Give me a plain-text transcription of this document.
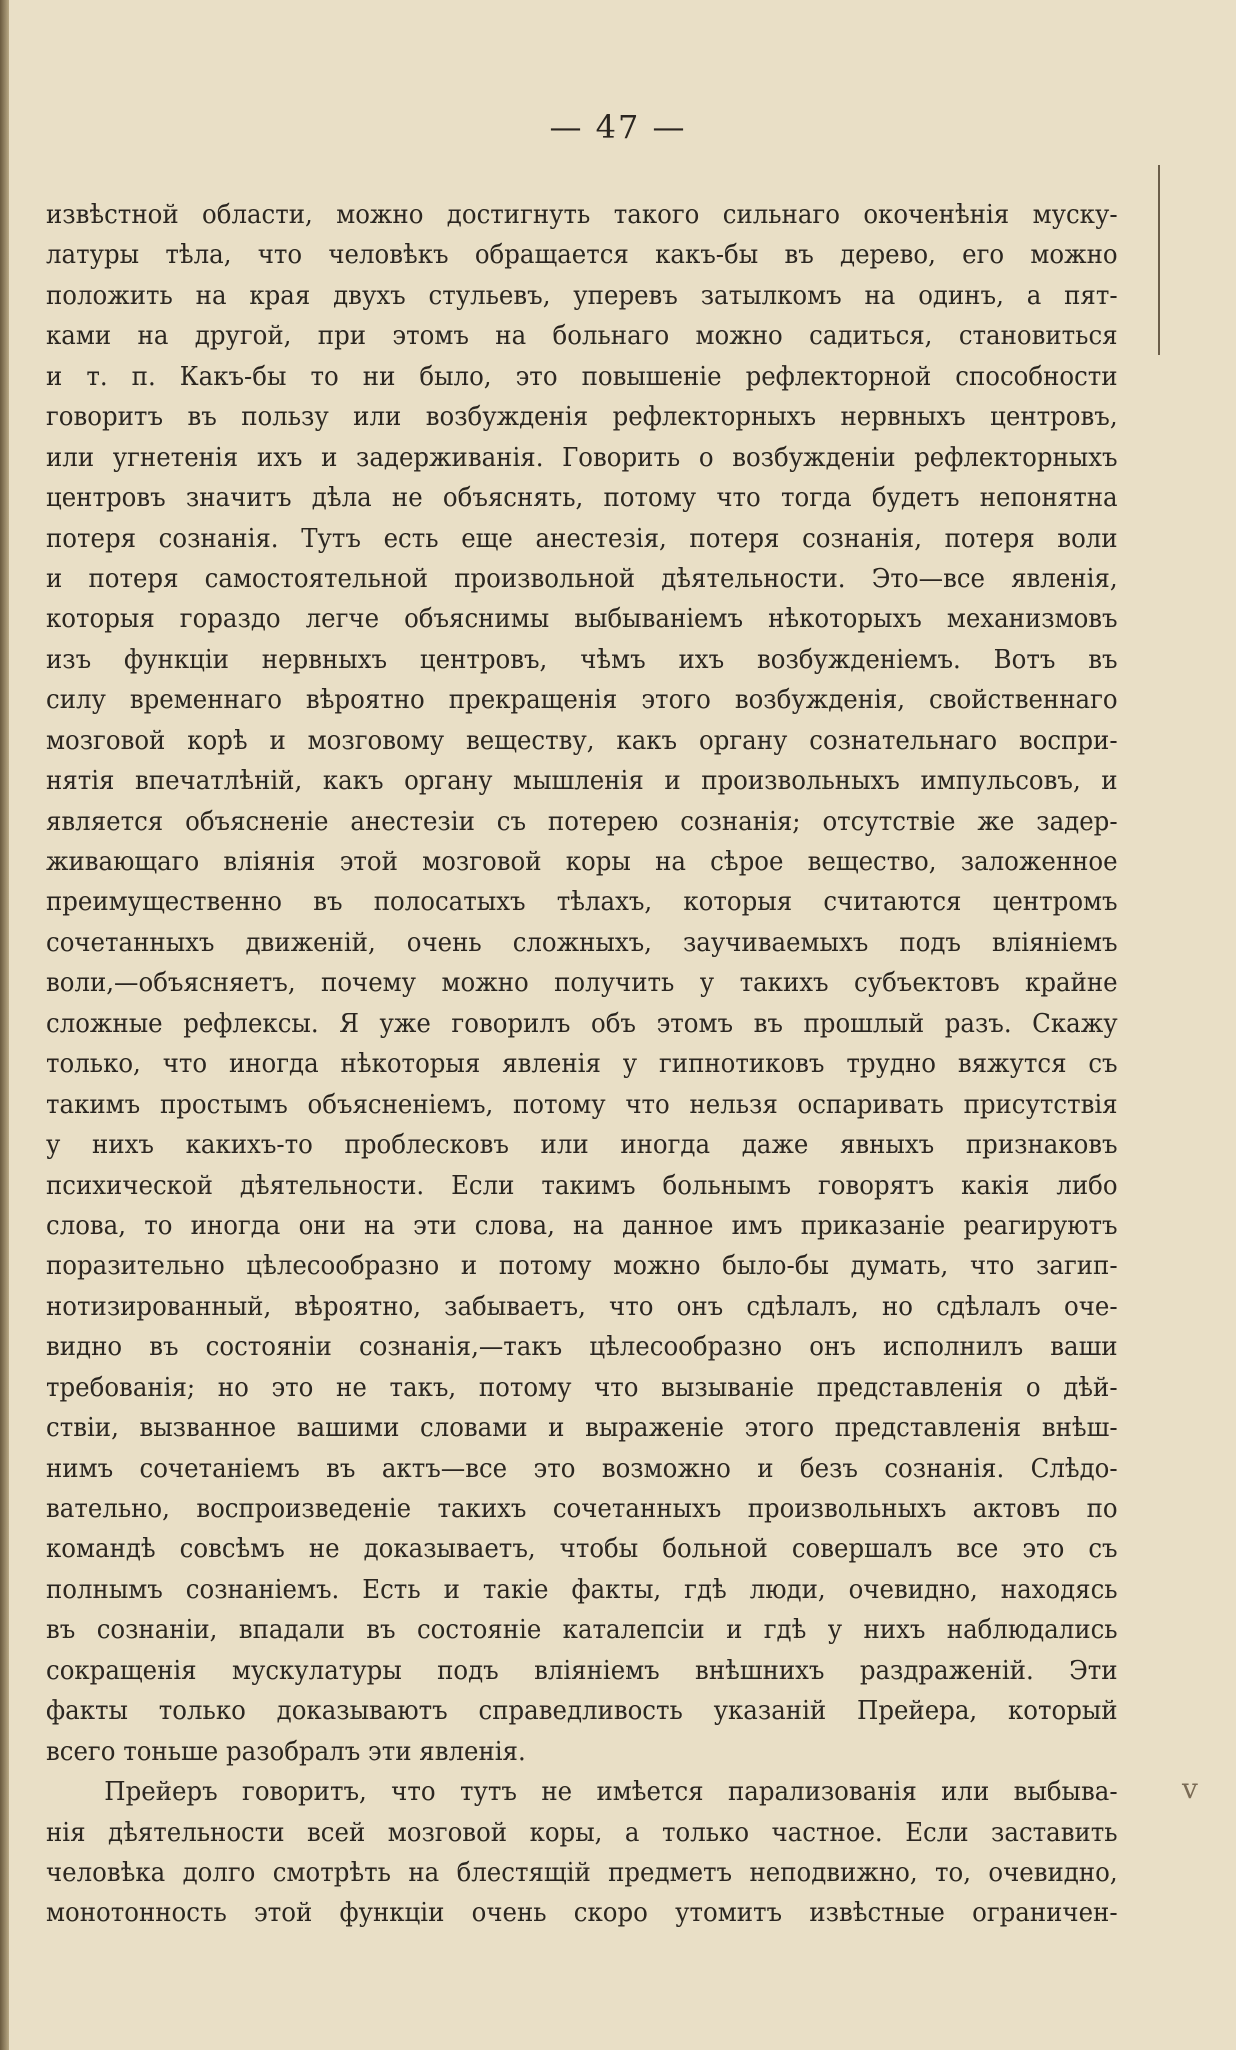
v
— 47 —
извѣстной области, можно достигнуть такого сильнаго окоченѣнія муску-
латуры тѣла, что человѣкъ обращается какъ-бы въ дерево, его можно
положить на края двухъ стульевъ, уперевъ затылкомъ на одинъ, а пят-
ками на другой, при этомъ на больнаго можно садиться, становиться
и т. п. Какъ-бы то ни было, это повышеніе рефлекторной способности
говоритъ въ пользу или возбужденія рефлекторныхъ нервныхъ центровъ,
или угнетенія ихъ и задерживанія. Говорить о возбужденіи рефлекторныхъ
центровъ значитъ дѣла не объяснять, потому что тогда будетъ непонятна
потеря сознанія. Тутъ есть еще анестезія, потеря сознанія, потеря воли
и потеря самостоятельной произвольной дѣятельности. Это—все явленія,
которыя гораздо легче объяснимы выбываніемъ нѣкоторыхъ механизмовъ
изъ функціи нервныхъ центровъ, чѣмъ ихъ возбужденіемъ. Вотъ въ
силу временнаго вѣроятно прекращенія этого возбужденія, свойственнаго
мозговой корѣ и мозговому веществу, какъ органу сознательнаго воспри-
нятія впечатлѣній, какъ органу мышленія и произвольныхъ импульсовъ, и
является объясненіе анестезіи съ потерею сознанія; отсутствіе же задер-
живающаго вліянія этой мозговой коры на сѣрое вещество, заложенное
преимущественно въ полосатыхъ тѣлахъ, которыя считаются центромъ
сочетанныхъ движеній, очень сложныхъ, заучиваемыхъ подъ вліяніемъ
воли,—объясняетъ, почему можно получить у такихъ субъектовъ крайне
сложные рефлексы. Я уже говорилъ объ этомъ въ прошлый разъ. Скажу
только, что иногда нѣкоторыя явленія у гипнотиковъ трудно вяжутся съ
такимъ простымъ объясненіемъ, потому что нельзя оспаривать присутствія
у нихъ какихъ-то проблесковъ или иногда даже явныхъ признаковъ
психической дѣятельности. Если такимъ больнымъ говорятъ какія либо
слова, то иногда они на эти слова, на данное имъ приказаніе реагируютъ
поразительно цѣлесообразно и потому можно было-бы думать, что загип-
нотизированный, вѣроятно, забываетъ, что онъ сдѣлалъ, но сдѣлалъ оче-
видно въ состояніи сознанія,—такъ цѣлесообразно онъ исполнилъ ваши
требованія; но это не такъ, потому что вызываніе представленія о дѣй-
ствіи, вызванное вашими словами и выраженіе этого представленія внѣш-
нимъ сочетаніемъ въ актъ—все это возможно и безъ сознанія. Слѣдо-
вательно, воспроизведеніе такихъ сочетанныхъ произвольныхъ актовъ по
командѣ совсѣмъ не доказываетъ, чтобы больной совершалъ все это съ
полнымъ сознаніемъ. Есть и такіе факты, гдѣ люди, очевидно, находясь
въ сознаніи, впадали въ состояніе каталепсіи и гдѣ у нихъ наблюдались
сокращенія мускулатуры подъ вліяніемъ внѣшнихъ раздраженій. Эти
факты только доказываютъ справедливость указаній Прейера, который
всего тоньше разобралъ эти явленія.
Прейеръ говоритъ, что тутъ не имѣется парализованія или выбыва-
нія дѣятельности всей мозговой коры, а только частное. Если заставить
человѣка долго смотрѣть на блестящій предметъ неподвижно, то, очевидно,
монотонность этой функціи очень скоро утомитъ извѣстные ограничен-
